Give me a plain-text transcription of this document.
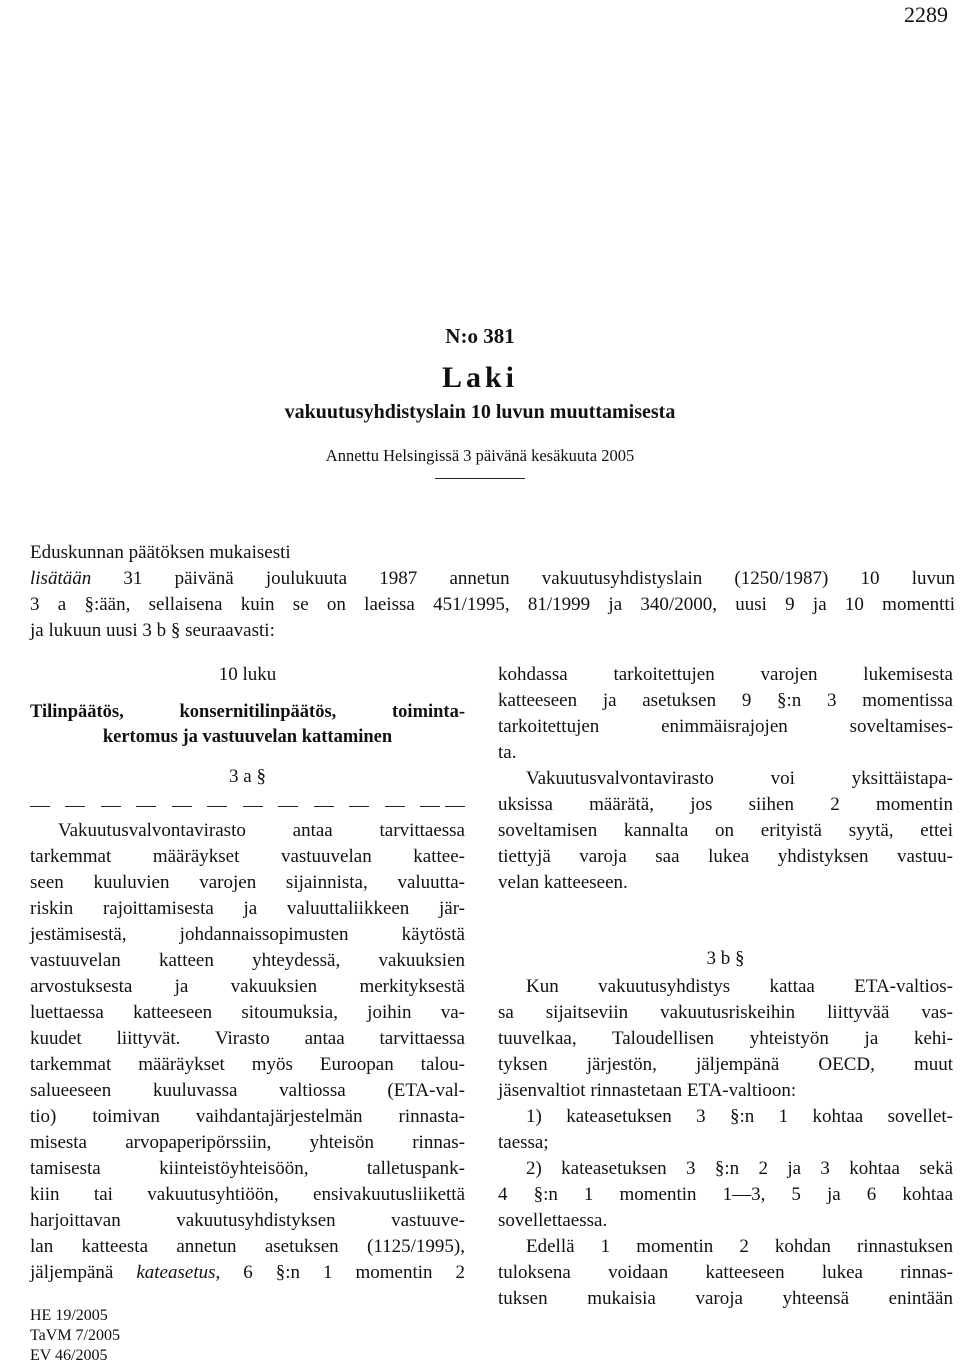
2289
N:o 381
Laki
vakuutusyhdistyslain 10 luvun muuttamisesta
Annettu Helsingissä 3 päivänä kesäkuuta 2005
Eduskunnan päätöksen mukaisesti
lisätään 31 päivänä joulukuuta 1987 annetun vakuutusyhdistyslain (1250/1987) 10 luvun
3 a §:ään, sellaisena kuin se on laeissa 451/1995, 81/1999 ja 340/2000, uusi 9 ja 10 momentti
ja lukuun uusi 3 b § seuraavasti:
10 luku
Tilinpäätös, konsernitilinpäätös, toiminta-
kertomus ja vastuuvelan kattaminen
3 a §
Vakuutusvalvontavirasto antaa tarvittaessa
tarkemmat määräykset vastuuvelan kattee-
seen kuuluvien varojen sijainnista, valuutta-
riskin rajoittamisesta ja valuuttaliikkeen jär-
jestämisestä, johdannaissopimusten käytöstä
vastuuvelan katteen yhteydessä, vakuuksien
arvostuksesta ja vakuuksien merkityksestä
luettaessa katteeseen sitoumuksia, joihin va-
kuudet liittyvät. Virasto antaa tarvittaessa
tarkemmat määräykset myös Euroopan talou-
salueeseen kuuluvassa valtiossa (ETA-val-
tio) toimivan vaihdantajärjestelmän rinnasta-
misesta arvopaperipörssiin, yhteisön rinnas-
tamisesta kiinteistöyhteisöön, talletuspank-
kiin tai vakuutusyhtiöön, ensivakuutusliikettä
harjoittavan vakuutusyhdistyksen vastuuve-
lan katteesta annetun asetuksen (1125/1995),
jäljempänä kateasetus, 6 §:n 1 momentin 2
kohdassa tarkoitettujen varojen lukemisesta
katteeseen ja asetuksen 9 §:n 3 momentissa
tarkoitettujen enimmäisrajojen soveltamises-
ta.
Vakuutusvalvontavirasto voi yksittäistapa-
uksissa määrätä, jos siihen 2 momentin
soveltamisen kannalta on erityistä syytä, ettei
tiettyjä varoja saa lukea yhdistyksen vastuu-
velan katteeseen.
3 b §
Kun vakuutusyhdistys kattaa ETA-valtios-
sa sijaitseviin vakuutusriskeihin liittyvää vas-
tuuvelkaa, Taloudellisen yhteistyön ja kehi-
tyksen järjestön, jäljempänä OECD, muut
jäsenvaltiot rinnastetaan ETA-valtioon:
1) kateasetuksen 3 §:n 1 kohtaa sovellet-
taessa;
2) kateasetuksen 3 §:n 2 ja 3 kohtaa sekä
4 §:n 1 momentin 1—3, 5 ja 6 kohtaa
sovellettaessa.
Edellä 1 momentin 2 kohdan rinnastuksen
tuloksena voidaan katteeseen lukea rinnas-
tuksen mukaisia varoja yhteensä enintään
HE 19/2005
TaVM 7/2005
EV 46/2005
